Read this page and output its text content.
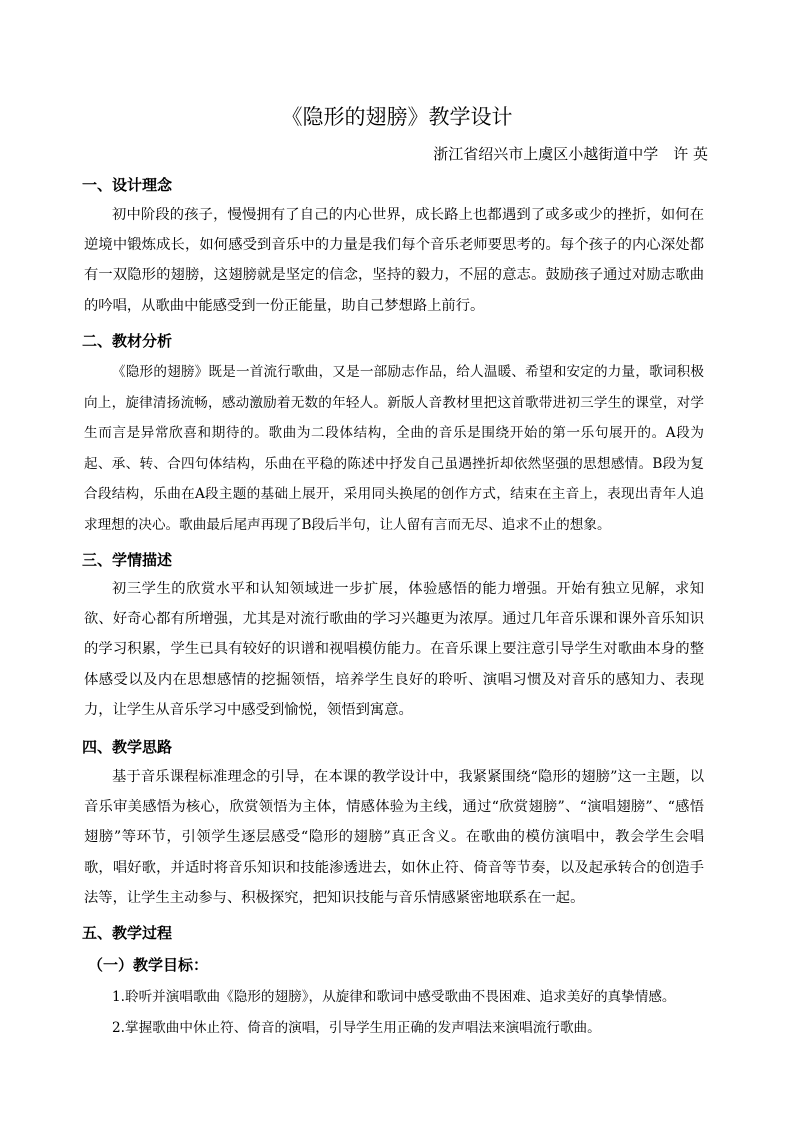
《隐形的翅膀》教学设计
浙江省绍兴市上虞区小越街道中学　许 英
一、设计理念
初中阶段的孩子，慢慢拥有了自己的内心世界，成长路上也都遇到了或多或少的挫折，如何在逆境中锻炼成长，如何感受到音乐中的力量是我们每个音乐老师要思考的。每个孩子的内心深处都有一双隐形的翅膀，这翅膀就是坚定的信念，坚持的毅力，不屈的意志。鼓励孩子通过对励志歌曲的吟唱，从歌曲中能感受到一份正能量，助自己梦想路上前行。
二、教材分析
《隐形的翅膀》既是一首流行歌曲，又是一部励志作品，给人温暖、希望和安定的力量，歌词积极向上，旋律清扬流畅，感动激励着无数的年轻人。新版人音教材里把这首歌带进初三学生的课堂，对学生而言是异常欣喜和期待的。歌曲为二段体结构，全曲的音乐是围绕开始的第一乐句展开的。A段为起、承、转、合四句体结构，乐曲在平稳的陈述中抒发自己虽遇挫折却依然坚强的思想感情。B段为复合段结构，乐曲在A段主题的基础上展开，采用同头换尾的创作方式，结束在主音上，表现出青年人追求理想的决心。歌曲最后尾声再现了B段后半句，让人留有言而无尽、追求不止的想象。
三、学情描述
初三学生的欣赏水平和认知领域进一步扩展，体验感悟的能力增强。开始有独立见解，求知欲、好奇心都有所增强，尤其是对流行歌曲的学习兴趣更为浓厚。通过几年音乐课和课外音乐知识的学习积累，学生已具有较好的识谱和视唱模仿能力。在音乐课上要注意引导学生对歌曲本身的整体感受以及内在思想感情的挖掘领悟，培养学生良好的聆听、演唱习惯及对音乐的感知力、表现力，让学生从音乐学习中感受到愉悦，领悟到寓意。
四、教学思路
基于音乐课程标准理念的引导，在本课的教学设计中，我紧紧围绕“隐形的翅膀”这一主题，以音乐审美感悟为核心，欣赏领悟为主体，情感体验为主线，通过“欣赏翅膀”、“演唱翅膀”、“感悟翅膀”等环节，引领学生逐层感受“隐形的翅膀”真正含义。在歌曲的模仿演唱中，教会学生会唱歌，唱好歌，并适时将音乐知识和技能渗透进去，如休止符、倚音等节奏，以及起承转合的创造手法等，让学生主动参与、积极探究，把知识技能与音乐情感紧密地联系在一起。
五、教学过程
（一）教学目标：
1.聆听并演唱歌曲《隐形的翅膀》，从旋律和歌词中感受歌曲不畏困难、追求美好的真挚情感。
2.掌握歌曲中休止符、倚音的演唱，引导学生用正确的发声唱法来演唱流行歌曲。
